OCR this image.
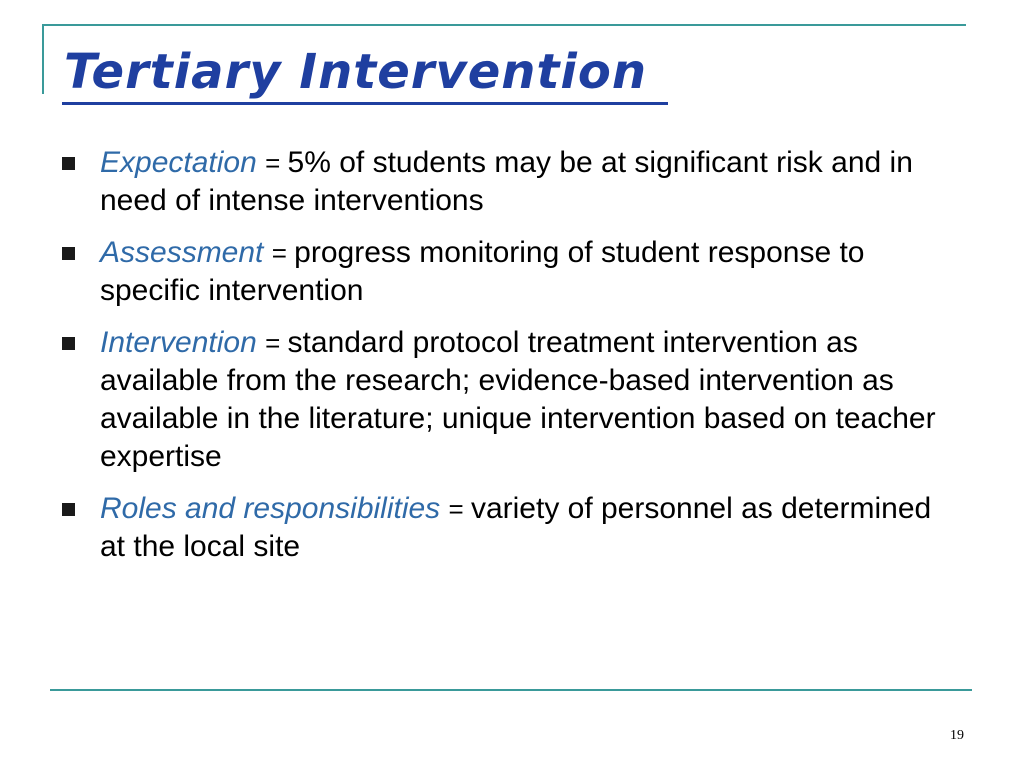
Tertiary Intervention
Expectation = 5% of students may be at significant risk and in need of intense interventions
Assessment = progress monitoring of student response to specific intervention
Intervention = standard protocol treatment intervention as available from the research; evidence-based intervention as available in the literature; unique intervention based on teacher expertise
Roles and responsibilities = variety of personnel as determined at the local site
19
